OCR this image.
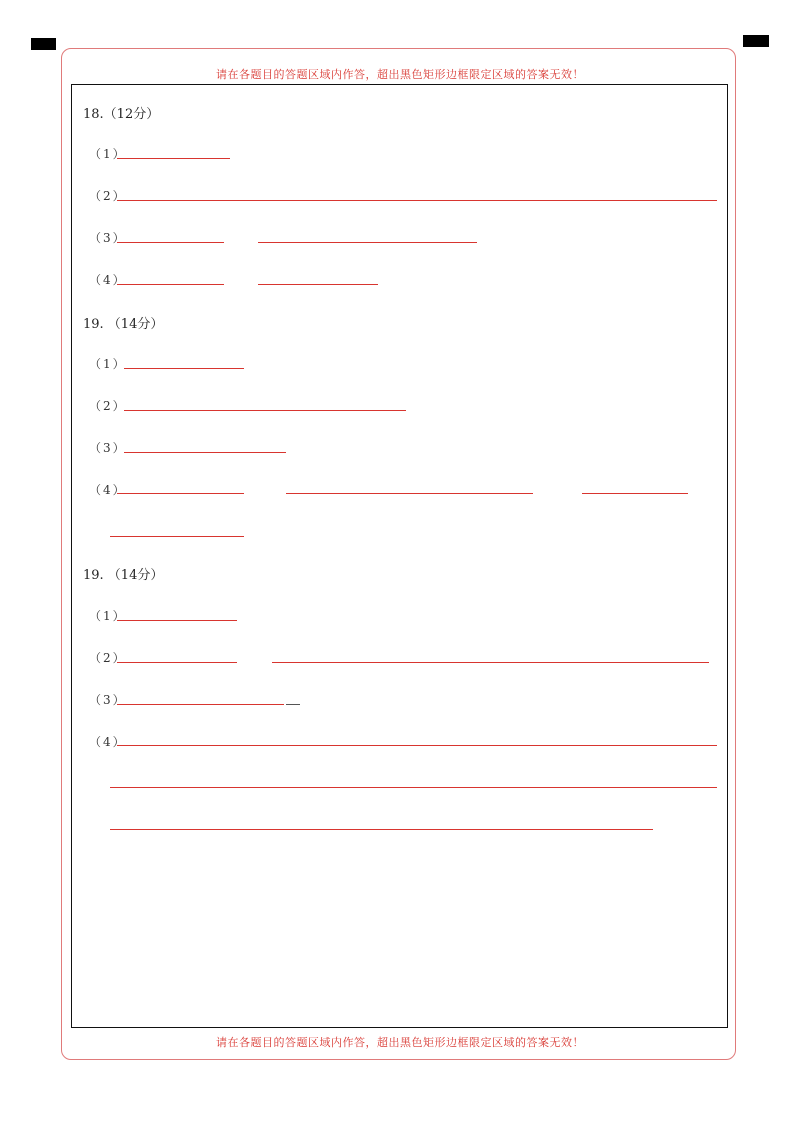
请在各题目的答题区域内作答，超出黑色矩形边框限定区域的答案无效！
请在各题目的答题区域内作答，超出黑色矩形边框限定区域的答案无效！
18.（12分）
（1）
（2）
（3）
（4）
19. （14分）
（1）
（2）
（3）
（4）
19. （14分）
（1）
（2）
（3）
（4）
